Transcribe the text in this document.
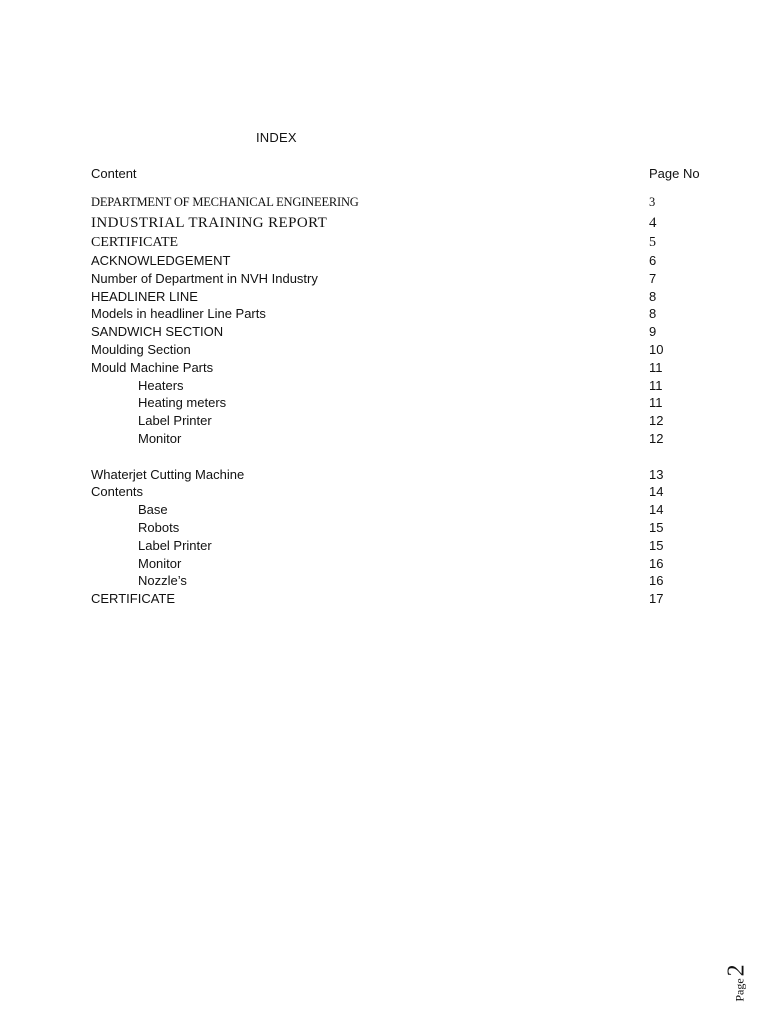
INDEX
Content	Page No
DEPARTMENT OF MECHANICAL ENGINEERING	3
INDUSTRIAL TRAINING REPORT	4
CERTIFICATE	5
ACKNOWLEDGEMENT	6
Number of Department in NVH Industry	7
HEADLINER LINE	8
Models in headliner Line Parts	8
SANDWICH SECTION	9
Moulding Section	10
Mould Machine Parts	11
Heaters	11
Heating meters	11
Label Printer	12
Monitor	12
Whaterjet Cutting Machine	13
Contents	14
Base	14
Robots	15
Label Printer	15
Monitor	16
Nozzle’s	16
CERTIFICATE	17
Page
2
